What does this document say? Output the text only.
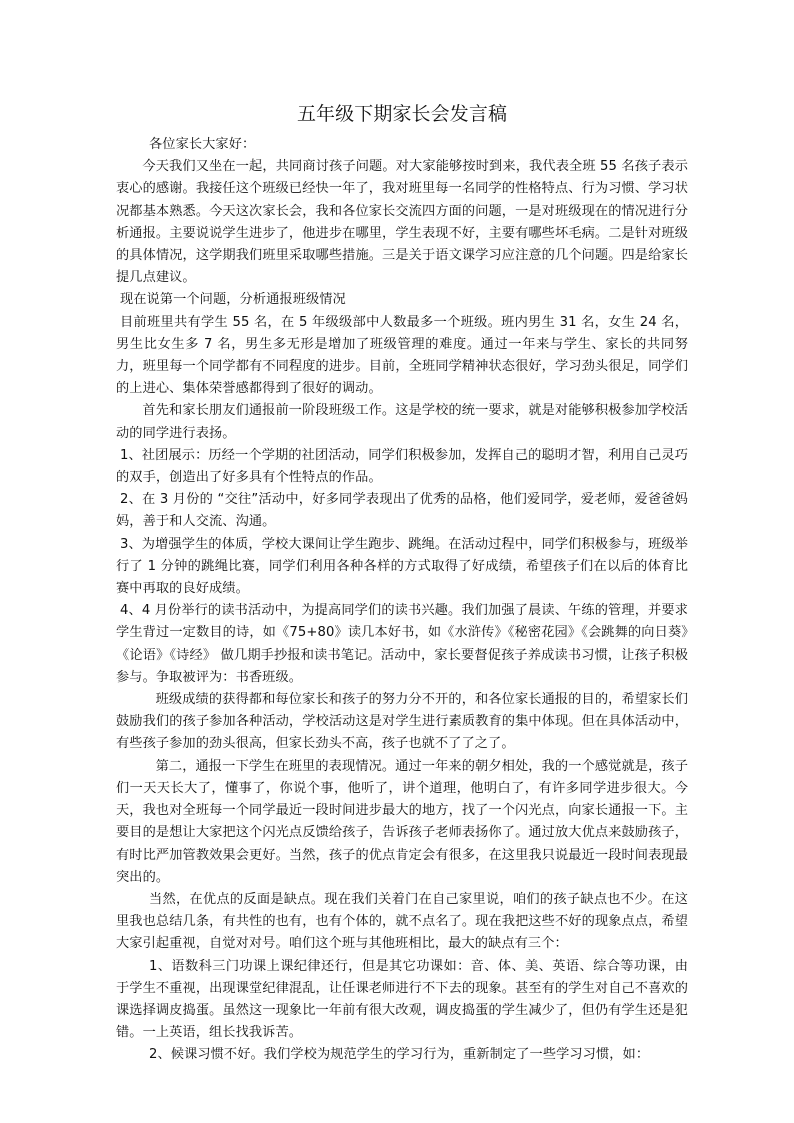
五年级下期家长会发言稿

各位家长大家好：

今天我们又坐在一起，共同商讨孩子问题。对大家能够按时到来，我代表全班 55 名孩子表示衷心的感谢。我接任这个班级已经快一年了，我对班里每一名同学的性格特点、行为习惯、学习状况都基本熟悉。今天这次家长会，我和各位家长交流四方面的问题，一是对班级现在的情况进行分析通报。主要说说学生进步了，他进步在哪里，学生表现不好，主要有哪些坏毛病。二是针对班级的具体情况，这学期我们班里采取哪些措施。三是关于语文课学习应注意的几个问题。四是给家长提几点建议。

现在说第一个问题，分析通报班级情况

目前班里共有学生 55 名，在 5 年级级部中人数最多一个班级。班内男生 31 名，女生 24 名，男生比女生多 7 名，男生多无形是增加了班级管理的难度。通过一年来与学生、家长的共同努力，班里每一个同学都有不同程度的进步。目前，全班同学精神状态很好，学习劲头很足，同学们的上进心、集体荣誉感都得到了很好的调动。

首先和家长朋友们通报前一阶段班级工作。这是学校的统一要求，就是对能够积极参加学校活动的同学进行表扬。

1、社团展示：历经一个学期的社团活动，同学们积极参加，发挥自己的聪明才智，利用自己灵巧的双手，创造出了好多具有个性特点的作品。

2、在 3 月份的 “交往”活动中，好多同学表现出了优秀的品格，他们爱同学，爱老师，爱爸爸妈妈，善于和人交流、沟通。

3、为增强学生的体质，学校大课间让学生跑步、跳绳。在活动过程中，同学们积极参与，班级举行了 1 分钟的跳绳比赛，同学们利用各种各样的方式取得了好成绩，希望孩子们在以后的体育比赛中再取的良好成绩。

4、4 月份举行的读书活动中，为提高同学们的读书兴趣。我们加强了晨读、午练的管理，并要求学生背过一定数目的诗，如《75+80》读几本好书，如《水浒传》《秘密花园》《会跳舞的向日葵》《论语》《诗经》 做几期手抄报和读书笔记。活动中，家长要督促孩子养成读书习惯，让孩子积极参与。争取被评为：书香班级。

班级成绩的获得都和每位家长和孩子的努力分不开的，和各位家长通报的目的，希望家长们鼓励我们的孩子参加各种活动，学校活动这是对学生进行素质教育的集中体现。但在具体活动中，有些孩子参加的劲头很高，但家长劲头不高，孩子也就不了了之了。

第二，通报一下学生在班里的表现情况。通过一年来的朝夕相处，我的一个感觉就是，孩子们一天天长大了，懂事了，你说个事，他听了，讲个道理，他明白了，有许多同学进步很大。今天，我也对全班每一个同学最近一段时间进步最大的地方，找了一个闪光点，向家长通报一下。主要目的是想让大家把这个闪光点反馈给孩子，告诉孩子老师表扬你了。通过放大优点来鼓励孩子，有时比严加管教效果会更好。当然，孩子的优点肯定会有很多，在这里我只说最近一段时间表现最突出的。

当然，在优点的反面是缺点。现在我们关着门在自己家里说，咱们的孩子缺点也不少。在这里我也总结几条，有共性的也有，也有个体的，就不点名了。现在我把这些不好的现象点点，希望大家引起重视，自觉对对号。咱们这个班与其他班相比，最大的缺点有三个：

1、语数科三门功课上课纪律还行，但是其它功课如：音、体、美、英语、综合等功课，由于学生不重视，出现课堂纪律混乱，让任课老师进行不下去的现象。甚至有的学生对自己不喜欢的课选择调皮捣蛋。虽然这一现象比一年前有很大改观，调皮捣蛋的学生减少了，但仍有学生还是犯错。一上英语，组长找我诉苦。

2、候课习惯不好。我们学校为规范学生的学习行为，重新制定了一些学习习惯，如：
